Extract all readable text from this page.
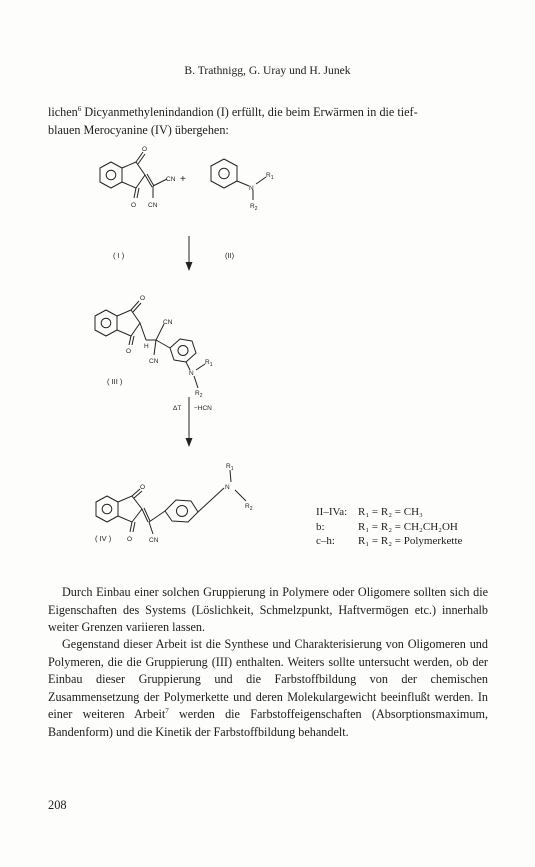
B. Trathnigg, G. Uray und H. Junek

lichen$^6$ Dicyanmethylenindandion (I) erfüllt, die beim Erwärmen in die tief-
blauen Merocyanine (IV) übergehen:

O
O
CN
CN
N
$R_1$
$R_2$
O
O
H
CN
CN
N
$R_1$
$R_2$
O
O	CN
N
$R_1$
$R_2$
+
( I )	(II)
( III )
ΔT −HCN
( IV )
II–IVa: R₁ = R₂ = CH₃
b:	R₁ = R₂ = CH₂CH₂OH
c–h:	R₁ = R₂ = Polymerkette

Durch Einbau einer solchen Gruppierung in Polymere oder Oligomere sollten sich die Eigenschaften des Systems (Löslichkeit, Schmelzpunkt, Haftvermögen etc.) innerhalb weiter Grenzen variieren lassen.

Gegenstand dieser Arbeit ist die Synthese und Charakterisierung von Oligomeren und Polymeren, die die Gruppierung (III) enthalten. Weiters sollte untersucht werden, ob der Einbau dieser Gruppierung und die Farbstoffbildung von der chemischen Zusammensetzung der Polymerkette und deren Molekulargewicht beeinflußt werden. In einer weiteren Arbeit$^7$ werden die Farbstoffeigenschaften (Absorptionsmaximum, Bandenform) und die Kinetik der Farbstoffbildung behandelt.

208
